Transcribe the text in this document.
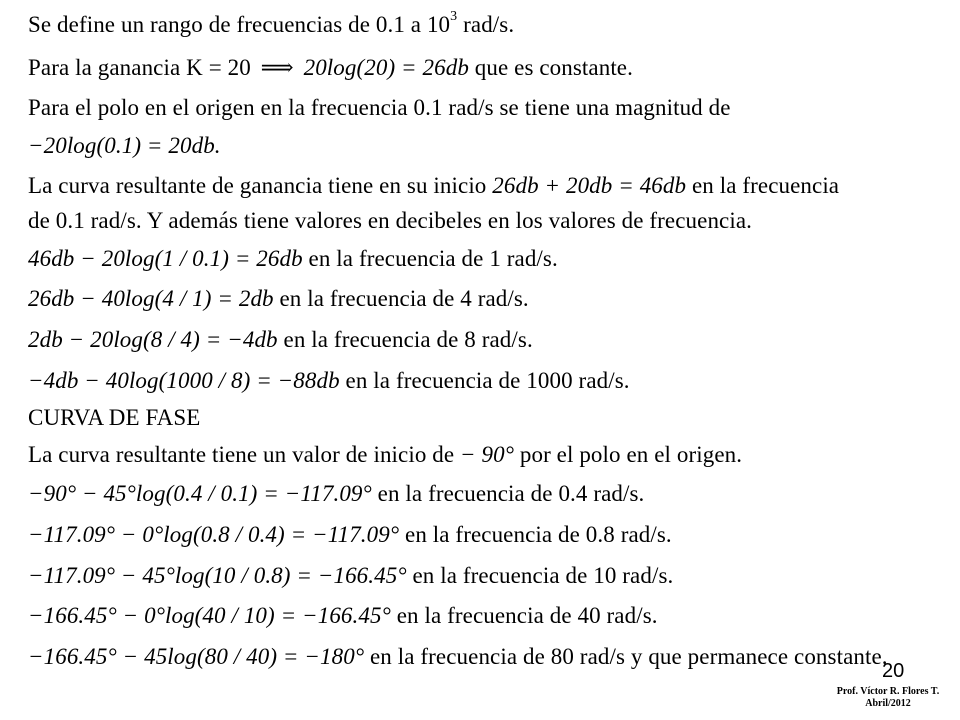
Se define un rango de frecuencias de 0.1 a $10^3$ rad/s.
Para la ganancia K = 20 ⟹ 20log(20) = 26db que es constante.
Para el polo en el origen en la frecuencia 0.1 rad/s se tiene una magnitud de
−20log(0.1) = 20db.
La curva resultante de ganancia tiene en su inicio 26db + 20db = 46db en la frecuencia
de 0.1 rad/s. Y además tiene valores en decibeles en los valores de frecuencia.
46db − 20log(1 / 0.1) = 26db en la frecuencia de 1 rad/s.
26db − 40log(4 / 1) = 2db en la frecuencia de 4 rad/s.
2db − 20log(8 / 4) = −4db en la frecuencia de 8 rad/s.
−4db − 40log(1000 / 8) = −88db en la frecuencia de 1000 rad/s.
CURVA DE FASE
La curva resultante tiene un valor de inicio de − 90° por el polo en el origen.
−90° − 45°log(0.4 / 0.1) = −117.09° en la frecuencia de 0.4 rad/s.
−117.09° − 0°log(0.8 / 0.4) = −117.09° en la frecuencia de 0.8 rad/s.
−117.09° − 45°log(10 / 0.8) = −166.45° en la frecuencia de 10 rad/s.
−166.45° − 0°log(40 / 10) = −166.45° en la frecuencia de 40 rad/s.
−166.45° − 45log(80 / 40) = −180° en la frecuencia de 80 rad/s y que permanece constante.
20
Prof. Víctor R. Flores T.
Abril/2012
